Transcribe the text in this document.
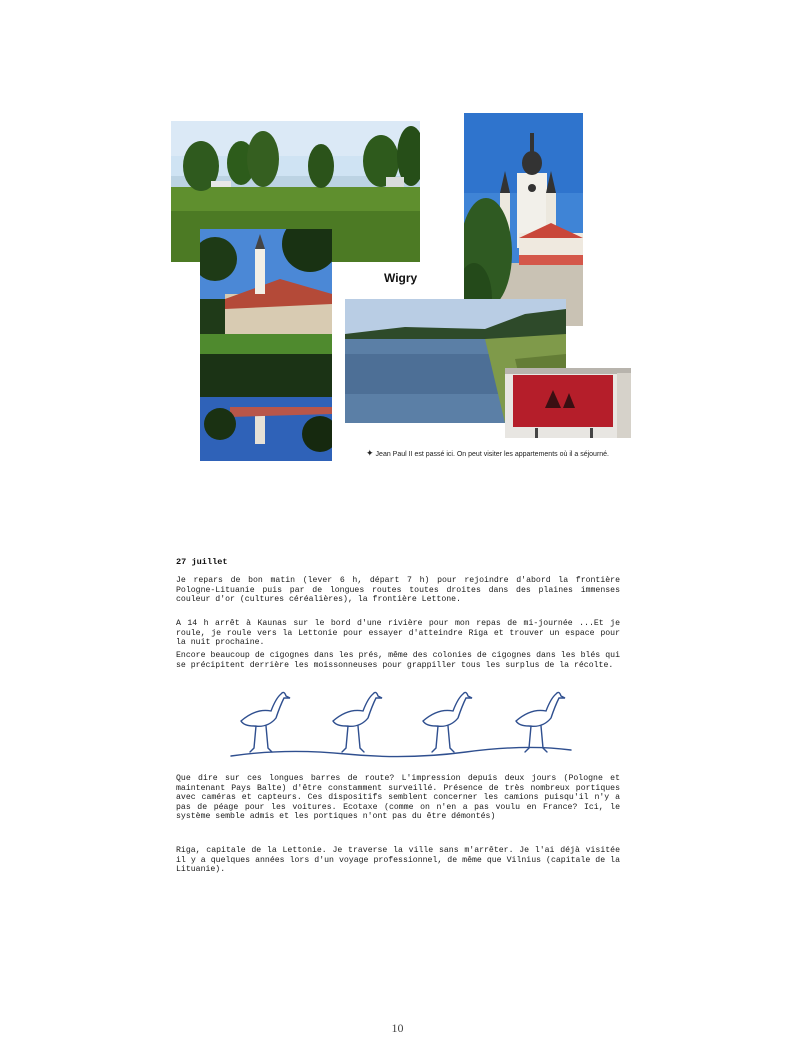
Wigry
✦ Jean Paul II est passé ici. On peut visiter les appartements où il a séjourné.
27 juillet

Je repars de bon matin (lever 6 h, départ 7 h) pour rejoindre d'abord la frontière Pologne-Lituanie puis par de longues routes toutes droites dans des plaines immenses couleur d'or (cultures céréalières), la frontière Lettone.

A 14 h arrêt à Kaunas sur le bord d'une rivière pour mon repas de mi-journée ...Et je roule, je roule vers la Lettonie pour essayer d'atteindre Riga et trouver un espace pour la nuit prochaine.

Encore beaucoup de cigognes dans les prés, même des colonies de cigognes dans les blés qui se précipitent derrière les moissonneuses pour grappiller tous les surplus de la récolte.

Que dire sur ces longues barres de route? L'impression depuis deux jours (Pologne et maintenant Pays Balte) d'être constamment surveillé. Présence de très nombreux portiques avec caméras et capteurs. Ces dispositifs semblent concerner les camions puisqu'il n'y a pas de péage pour les voitures. Ecotaxe (comme on n'en a pas voulu en France? Ici, le système semble admis et les portiques n'ont pas du être démontés)

Riga, capitale de la Lettonie. Je traverse la ville sans m'arrêter. Je l'ai déjà visitée il y a quelques années lors d'un voyage professionnel, de même que Vilnius (capitale de la Lituanie).

10
